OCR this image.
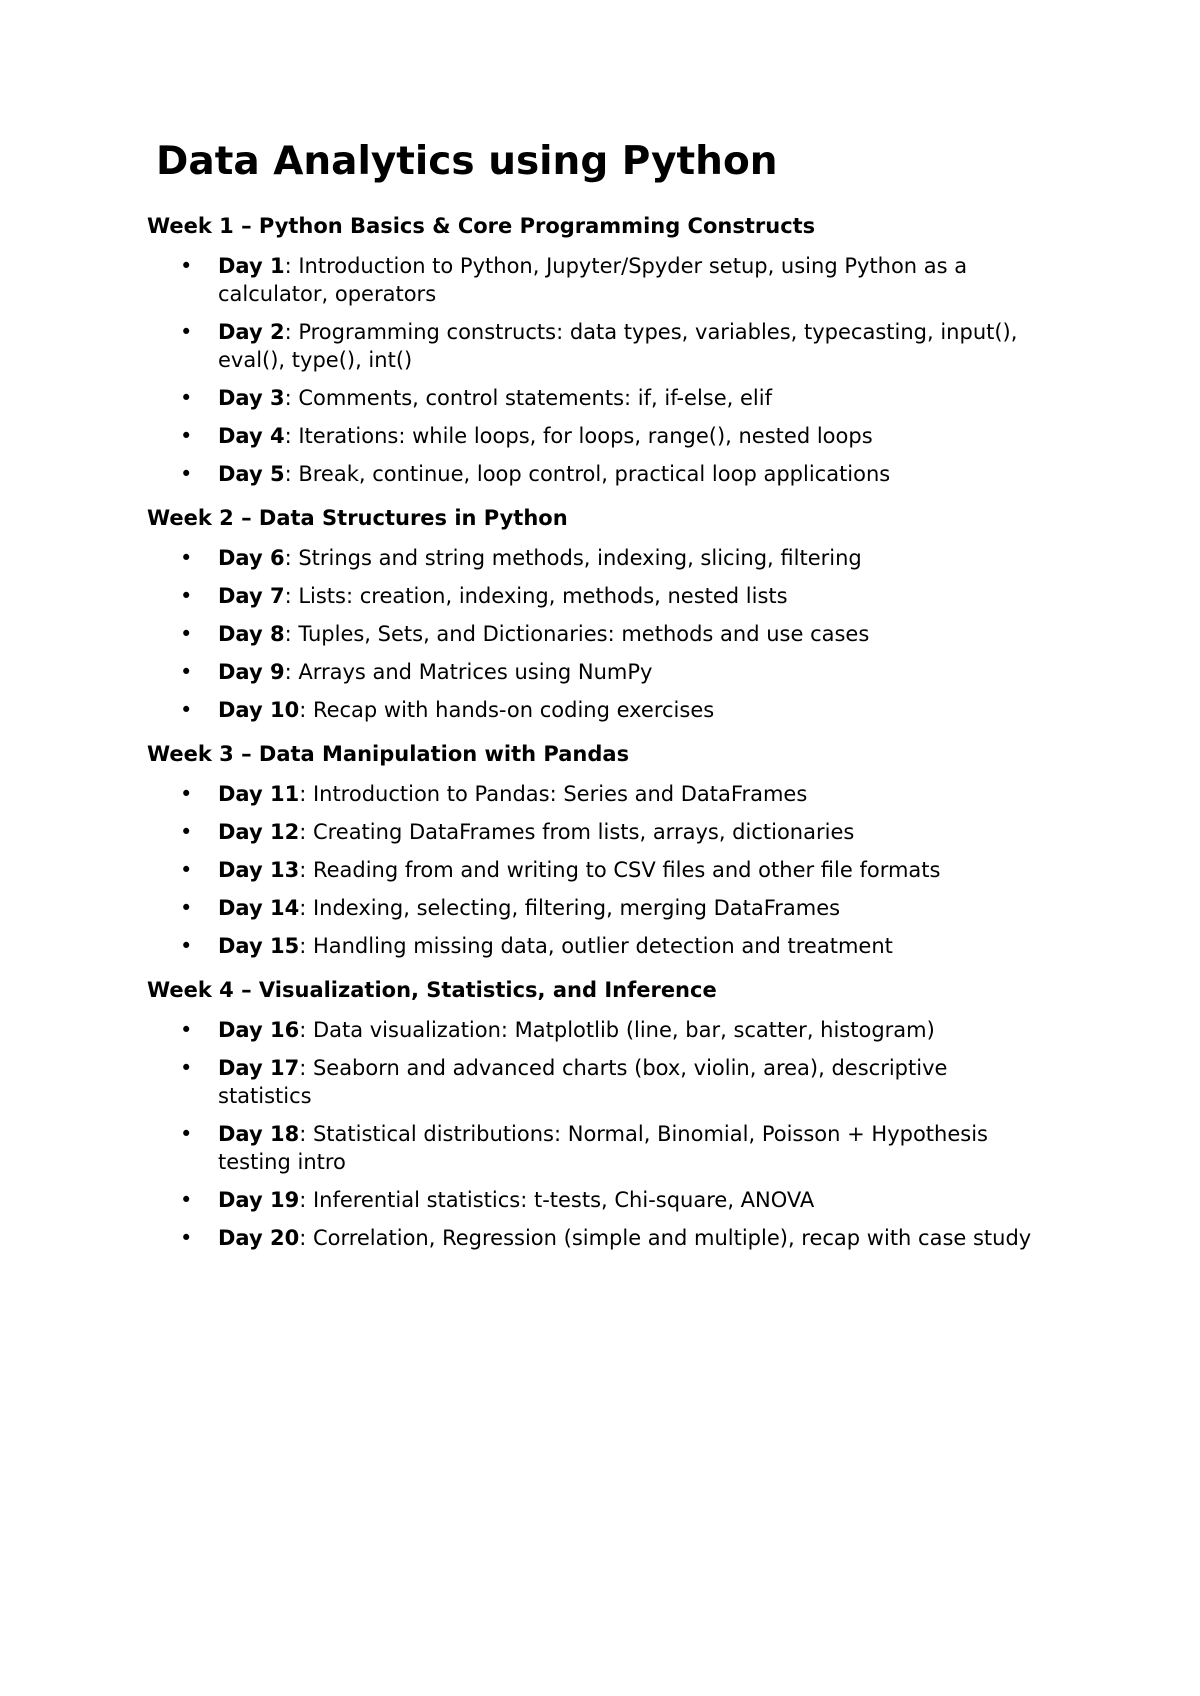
Data Analytics using Python
Week 1 – Python Basics & Core Programming Constructs
• Day 1: Introduction to Python, Jupyter/Spyder setup, using Python as a calculator, operators
• Day 2: Programming constructs: data types, variables, typecasting, input(), eval(), type(), int()
• Day 3: Comments, control statements: if, if-else, elif
• Day 4: Iterations: while loops, for loops, range(), nested loops
• Day 5: Break, continue, loop control, practical loop applications
Week 2 – Data Structures in Python
• Day 6: Strings and string methods, indexing, slicing, filtering
• Day 7: Lists: creation, indexing, methods, nested lists
• Day 8: Tuples, Sets, and Dictionaries: methods and use cases
• Day 9: Arrays and Matrices using NumPy
• Day 10: Recap with hands-on coding exercises
Week 3 – Data Manipulation with Pandas
• Day 11: Introduction to Pandas: Series and DataFrames
• Day 12: Creating DataFrames from lists, arrays, dictionaries
• Day 13: Reading from and writing to CSV files and other file formats
• Day 14: Indexing, selecting, filtering, merging DataFrames
• Day 15: Handling missing data, outlier detection and treatment
Week 4 – Visualization, Statistics, and Inference
• Day 16: Data visualization: Matplotlib (line, bar, scatter, histogram)
• Day 17: Seaborn and advanced charts (box, violin, area), descriptive statistics
• Day 18: Statistical distributions: Normal, Binomial, Poisson + Hypothesis testing intro
• Day 19: Inferential statistics: t-tests, Chi-square, ANOVA
• Day 20: Correlation, Regression (simple and multiple), recap with case study
